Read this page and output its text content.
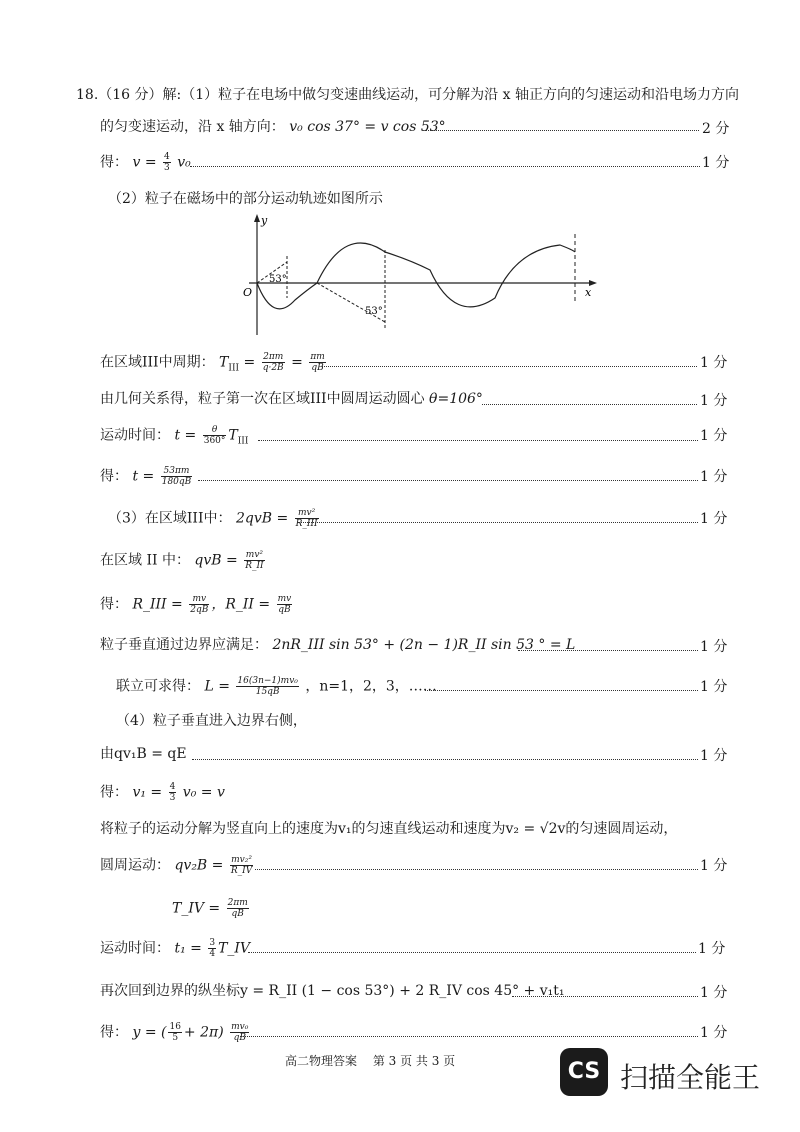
18.（16 分）解:（1）粒子在电场中做匀变速曲线运动，可分解为沿 x 轴正方向的匀速运动和沿电场力方向
的匀变速运动，沿 x 轴方向： v₀ cos 37° = v cos 53°	2 分
得： $v = \frac{4}{3} v_0$	1 分
（2）粒子在磁场中的部分运动轨迹如图所示
y
x
O
53°
53°
在区域III中周期： $T_{III} = \frac{2\pi m}{q\cdot 2B} = \frac{\pi m}{qB}$	1 分
由几何关系得，粒子第一次在区域III中圆周运动圆心 θ=106°	1 分
运动时间： $t = \frac{\theta}{360^\circ} T_{III}$	1 分
得： $t = \frac{53\pi m}{180qB}$	1 分
（3）在区域III中： $2qvB = \frac{\text{mv²}}{\text{R\_III}}$	1 分
在区域 II 中： qvB = $\frac{\text{mv²}}{R\_II}$
得： R_III = $\frac{mv}{2qB}$ ，R_II = $\frac{mv}{qB}$
粒子垂直通过边界应满足： 2nR_III sin 53° + (2n − 1)R_II sin 53 ° = L	1 分
联立可求得： $L = \frac{\text{16(3n−1)mv₀}}{15qB}$ ，n=1，2，3，……	1 分
（4）粒子垂直进入边界右侧，
由qv₁B = qE	1 分
得： $v_1 = \frac{4}{3} v_0 = v$
将粒子的运动分解为竖直向上的速度为v₁的匀速直线运动和速度为v₂ = √2v的匀速圆周运动，
圆周运动： $qv_2B = \frac{\text{mv₂²}}{R\_IV}$	1 分
T_IV = $\frac{2\pi m}{qB}$
运动时间： $t_1 = \frac{3}{4}$ T_IV	1 分
再次回到边界的纵坐标y = R_II (1 − cos 53°) + 2 R_IV cos 45° + v₁t₁	1 分
得： y = ( $\frac{16}{5} + 2\pi) \frac{\text{mv₀}}{qB}$	1 分
高二物理答案　 第 3 页 共 3 页	CS 扫描全能王
